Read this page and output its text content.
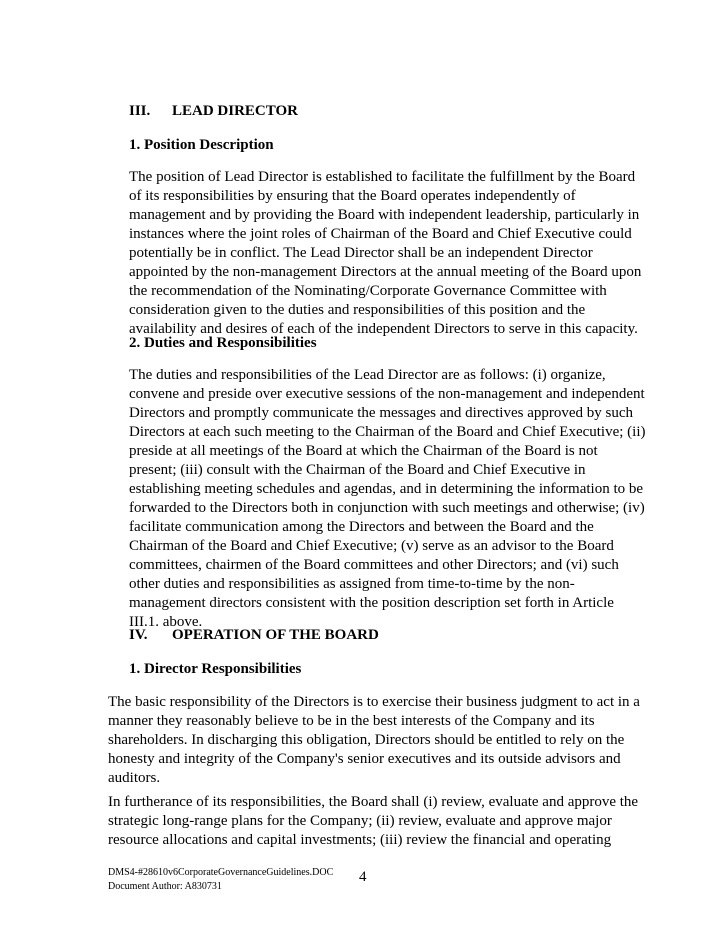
III. LEAD DIRECTOR
1. Position Description
The position of Lead Director is established to facilitate the fulfillment by the Board
of its responsibilities by ensuring that the Board operates independently of
management and by providing the Board with independent leadership, particularly in
instances where the joint roles of Chairman of the Board and Chief Executive could
potentially be in conflict. The Lead Director shall be an independent Director
appointed by the non-management Directors at the annual meeting of the Board upon
the recommendation of the Nominating/Corporate Governance Committee with
consideration given to the duties and responsibilities of this position and the
availability and desires of each of the independent Directors to serve in this capacity.
2. Duties and Responsibilities
The duties and responsibilities of the Lead Director are as follows: (i) organize,
convene and preside over executive sessions of the non-management and independent
Directors and promptly communicate the messages and directives approved by such
Directors at each such meeting to the Chairman of the Board and Chief Executive; (ii)
preside at all meetings of the Board at which the Chairman of the Board is not
present; (iii) consult with the Chairman of the Board and Chief Executive in
establishing meeting schedules and agendas, and in determining the information to be
forwarded to the Directors both in conjunction with such meetings and otherwise; (iv)
facilitate communication among the Directors and between the Board and the
Chairman of the Board and Chief Executive; (v) serve as an advisor to the Board
committees, chairmen of the Board committees and other Directors; and (vi) such
other duties and responsibilities as assigned from time-to-time by the non-
management directors consistent with the position description set forth in Article
III.1. above.
IV. OPERATION OF THE BOARD
1. Director Responsibilities
The basic responsibility of the Directors is to exercise their business judgment to act in a
manner they reasonably believe to be in the best interests of the Company and its
shareholders. In discharging this obligation, Directors should be entitled to rely on the
honesty and integrity of the Company's senior executives and its outside advisors and
auditors.
In furtherance of its responsibilities, the Board shall (i) review, evaluate and approve the
strategic long-range plans for the Company; (ii) review, evaluate and approve major
resource allocations and capital investments; (iii) review the financial and operating
DMS4-#28610v6CorporateGovernanceGuidelines.DOC
Document Author: A830731
4
